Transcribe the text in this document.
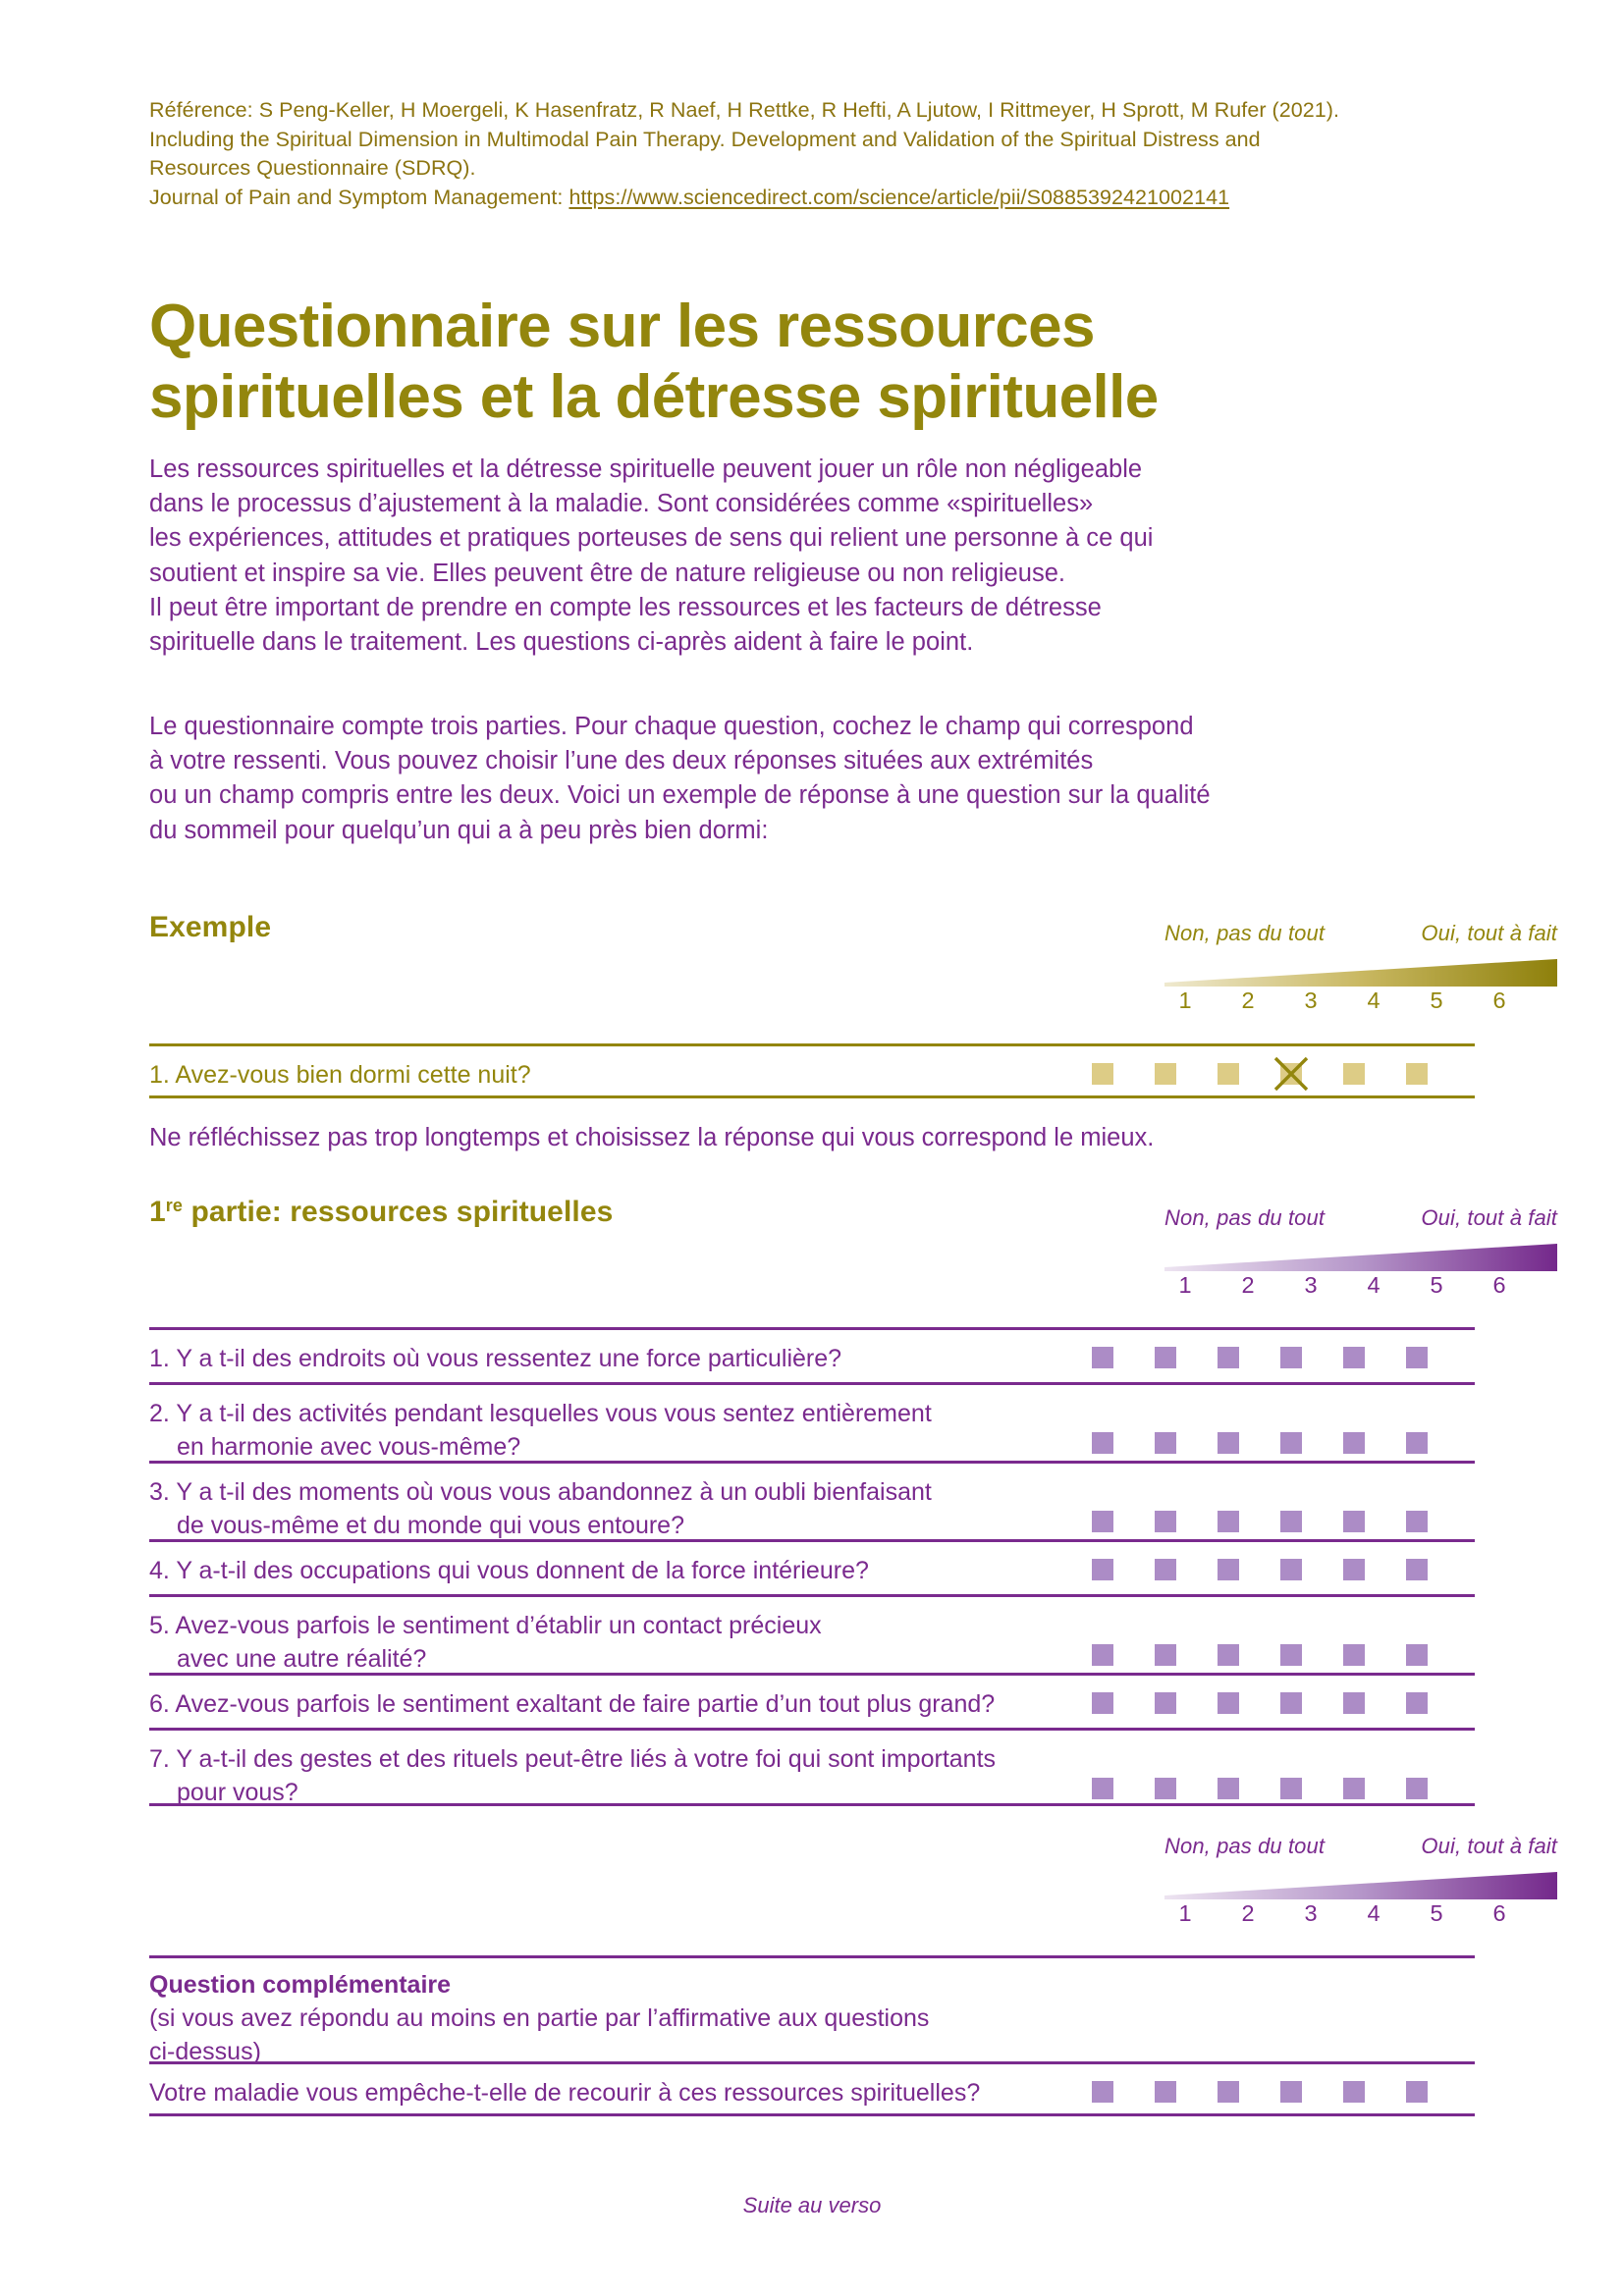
Référence: S Peng-Keller, H Moergeli, K Hasenfratz, R Naef, H Rettke, R Hefti, A Ljutow, I Rittmeyer, H Sprott, M Rufer (2021).
Including the Spiritual Dimension in Multimodal Pain Therapy. Development and Validation of the Spiritual Distress and
Resources Questionnaire (SDRQ).
Journal of Pain and Symptom Management: https://www.sciencedirect.com/science/article/pii/S0885392421002141
Questionnaire sur les ressources
spirituelles et la détresse spirituelle
Les ressources spirituelles et la détresse spirituelle peuvent jouer un rôle non négligeable
dans le processus d’ajustement à la maladie. Sont considérées comme «spirituelles»
les expériences, attitudes et pratiques porteuses de sens qui relient une personne à ce qui
soutient et inspire sa vie. Elles peuvent être de nature religieuse ou non religieuse.
Il peut être important de prendre en compte les ressources et les facteurs de détresse
spirituelle dans le traitement. Les questions ci-après aident à faire le point.
Le questionnaire compte trois parties. Pour chaque question, cochez le champ qui correspond
à votre ressenti. Vous pouvez choisir l’une des deux réponses situées aux extrémités
ou un champ compris entre les deux. Voici un exemple de réponse à une question sur la qualité
du sommeil pour quelqu’un qui a à peu près bien dormi:
Exemple	Non, pas du tout	Oui, tout à fait
1 2 3 4 5 6
1. Avez-vous bien dormi cette nuit?
Ne réfléchissez pas trop longtemps et choisissez la réponse qui vous correspond le mieux.
1re partie: ressources spirituelles	Non, pas du tout	Oui, tout à fait
1 2 3 4 5 6
1. Y a t-il des endroits où vous ressentez une force particulière?
2. Y a t-il des activités pendant lesquelles vous vous sentez entièrement
en harmonie avec vous-même?
3. Y a t-il des moments où vous vous abandonnez à un oubli bienfaisant
de vous-même et du monde qui vous entoure?
4. Y a-t-il des occupations qui vous donnent de la force intérieure?
5. Avez-vous parfois le sentiment d’établir un contact précieux
avec une autre réalité?
6. Avez-vous parfois le sentiment exaltant de faire partie d’un tout plus grand?
7. Y a-t-il des gestes et des rituels peut-être liés à votre foi qui sont importants
pour vous?
Non, pas du tout	Oui, tout à fait
1 2 3 4 5 6
Question complémentaire
(si vous avez répondu au moins en partie par l’affirmative aux questions
ci-dessus)
Votre maladie vous empêche-t-elle de recourir à ces ressources spirituelles?
Suite au verso
